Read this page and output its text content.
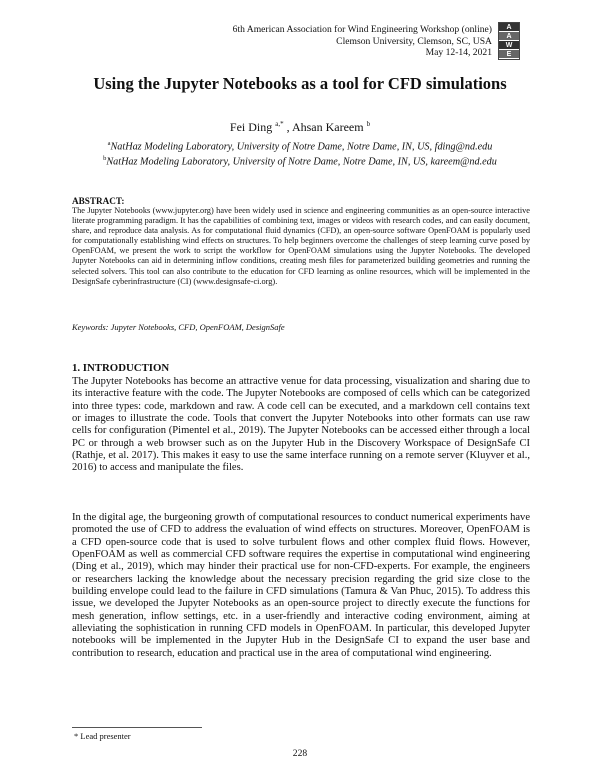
6th American Association for Wind Engineering Workshop (online)
Clemson University, Clemson, SC, USA
May 12-14, 2021
A
A
W
E
Using the Jupyter Notebooks as a tool for CFD simulations
Fei Ding $^{a,*}$ , Ahsan Kareem $^b$
$^a$NatHaz Modeling Laboratory, University of Notre Dame, Notre Dame, IN, US, fding@nd.edu
$^b$NatHaz Modeling Laboratory, University of Notre Dame, Notre Dame, IN, US, kareem@nd.edu
ABSTRACT:

The Jupyter Notebooks (www.jupyter.org) have been widely used in science and engineering communities as an open-source interactive literate programming paradigm. It has the capabilities of combining text, images or videos with research codes, and can easily document, share, and reproduce data analysis. As for computational fluid dynamics (CFD), an open-source software OpenFOAM is popularly used for computationally establishing wind effects on structures. To help beginners overcome the challenges of steep learning curve posed by OpenFOAM, we present the work to script the workflow for OpenFOAM simulations using the Jupyter Notebooks. The developed Jupyter Notebooks can aid in determining inflow conditions, creating mesh files for parameterized building geometries and running the selected solvers. This tool can also contribute to the education for CFD learning as online resources, which will be implemented in the DesignSafe cyberinfrastructure (CI) (www.designsafe-ci.org).

Keywords: Jupyter Notebooks, CFD, OpenFOAM, DesignSafe
1. INTRODUCTION

The Jupyter Notebooks has become an attractive venue for data processing, visualization and sharing due to its interactive feature with the code. The Jupyter Notebooks are composed of cells which can be categorized into three types: code, markdown and raw. A code cell can be executed, and a markdown cell contains text or images to illustrate the code. Tools that convert the Jupyter Notebooks into other formats can use raw cells for configuration (Pimentel et al., 2019). The Jupyter Notebooks can be accessed either through a local PC or through a web browser such as on the Jupyter Hub in the Discovery Workspace of DesignSafe CI (Rathje, et al. 2017). This makes it easy to use the same interface running on a remote server (Kluyver et al., 2016) to access and manipulate the files.

In the digital age, the burgeoning growth of computational resources to conduct numerical experiments have promoted the use of CFD to address the evaluation of wind effects on structures. Moreover, OpenFOAM is a CFD open-source code that is used to solve turbulent flows and other complex fluid flows. However, OpenFOAM as well as commercial CFD software requires the expertise in computational wind engineering (Ding et al., 2019), which may hinder their practical use for non-CFD-experts. For example, the engineers or researchers lacking the knowledge about the necessary precision regarding the grid size close to the building envelope could lead to the failure in CFD simulations (Tamura & Van Phuc, 2015). To address this issue, we developed the Jupyter Notebooks as an open-source project to directly execute the functions for mesh generation, inflow settings, etc. in a user-friendly and interactive coding environment, aiming at alleviating the sophistication in running CFD models in OpenFOAM. In particular, this developed Jupyter notebooks will be implemented in the Jupyter Hub in the DesignSafe CI to expand the user base and contribution to research, education and practical use in the area of computational wind engineering.

* Lead presenter
228
